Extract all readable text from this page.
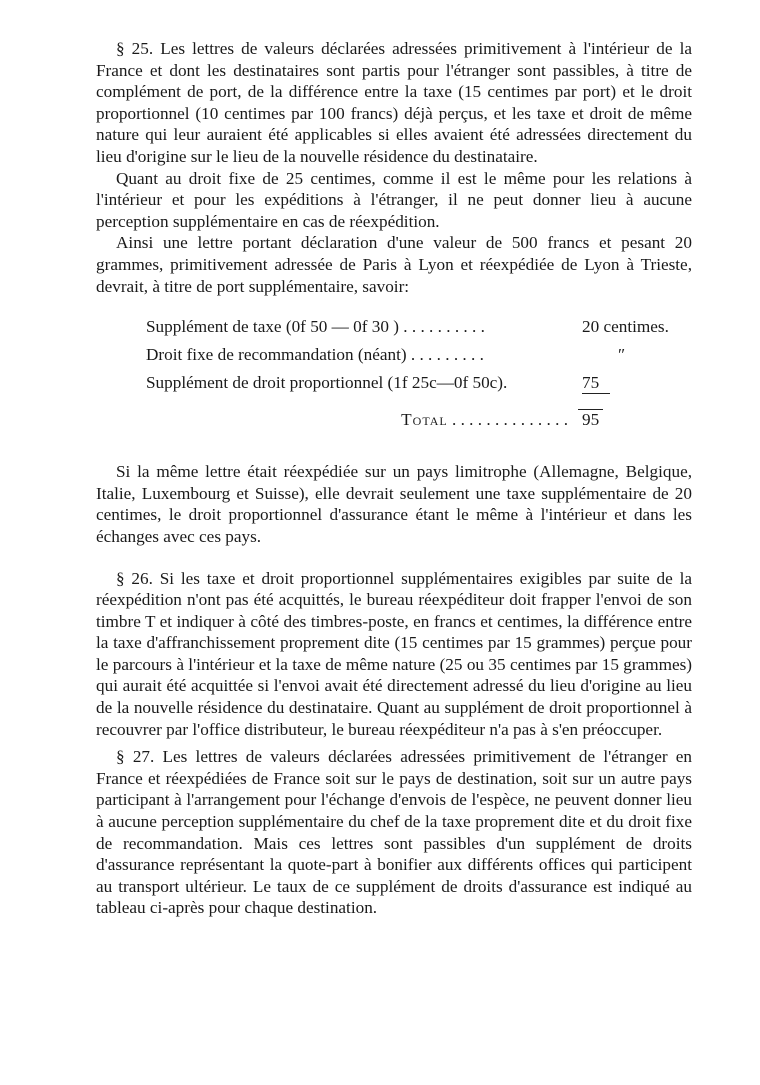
§ 25. Les lettres de valeurs déclarées adressées primitivement à l'intérieur de la France et dont les destinataires sont partis pour l'étranger sont passibles, à titre de complément de port, de la différence entre la taxe (15 centimes par port) et le droit proportionnel (10 centimes par 100 francs) déjà perçus, et les taxe et droit de même nature qui leur auraient été applicables si elles avaient été adressées directement du lieu d'origine sur le lieu de la nouvelle résidence du destinataire.

Quant au droit fixe de 25 centimes, comme il est le même pour les relations à l'intérieur et pour les expéditions à l'étranger, il ne peut donner lieu à aucune perception supplémentaire en cas de réexpédition.

Ainsi une lettre portant déclaration d'une valeur de 500 francs et pesant 20 grammes, primitivement adressée de Paris à Lyon et réexpédiée de Lyon à Trieste, devrait, à titre de port supplémentaire, savoir:

Supplément de taxe (0f 50 — 0f 30 ) . . . . . . . . . .	20 centimes.
Droit fixe de recommandation (néant) . . . . . . . . .	″
Supplément de droit proportionnel (1f 25c—0f 50c).	75
Total . . . . . . . . . . . . . . 95

Si la même lettre était réexpédiée sur un pays limitrophe (Allemagne, Belgique, Italie, Luxembourg et Suisse), elle devrait seulement une taxe supplémentaire de 20 centimes, le droit proportionnel d'assurance étant le même à l'intérieur et dans les échanges avec ces pays.

§ 26. Si les taxe et droit proportionnel supplémentaires exigibles par suite de la réexpédition n'ont pas été acquittés, le bureau réexpéditeur doit frapper l'envoi de son timbre T et indiquer à côté des timbres-poste, en francs et centimes, la différence entre la taxe d'affranchissement proprement dite (15 centimes par 15 grammes) perçue pour le parcours à l'intérieur et la taxe de même nature (25 ou 35 centimes par 15 grammes) qui aurait été acquittée si l'envoi avait été directement adressé du lieu d'origine au lieu de la nouvelle résidence du destinataire. Quant au supplément de droit proportionnel à recouvrer par l'office distributeur, le bureau réexpéditeur n'a pas à s'en préoccuper.

§ 27. Les lettres de valeurs déclarées adressées primitivement de l'étranger en France et réexpédiées de France soit sur le pays de destination, soit sur un autre pays participant à l'arrangement pour l'échange d'envois de l'espèce, ne peuvent donner lieu à aucune perception supplémentaire du chef de la taxe proprement dite et du droit fixe de recommandation. Mais ces lettres sont passibles d'un supplément de droits d'assurance représentant la quote-part à bonifier aux différents offices qui participent au transport ultérieur. Le taux de ce supplément de droits d'assurance est indiqué au tableau ci-après pour chaque destination.
